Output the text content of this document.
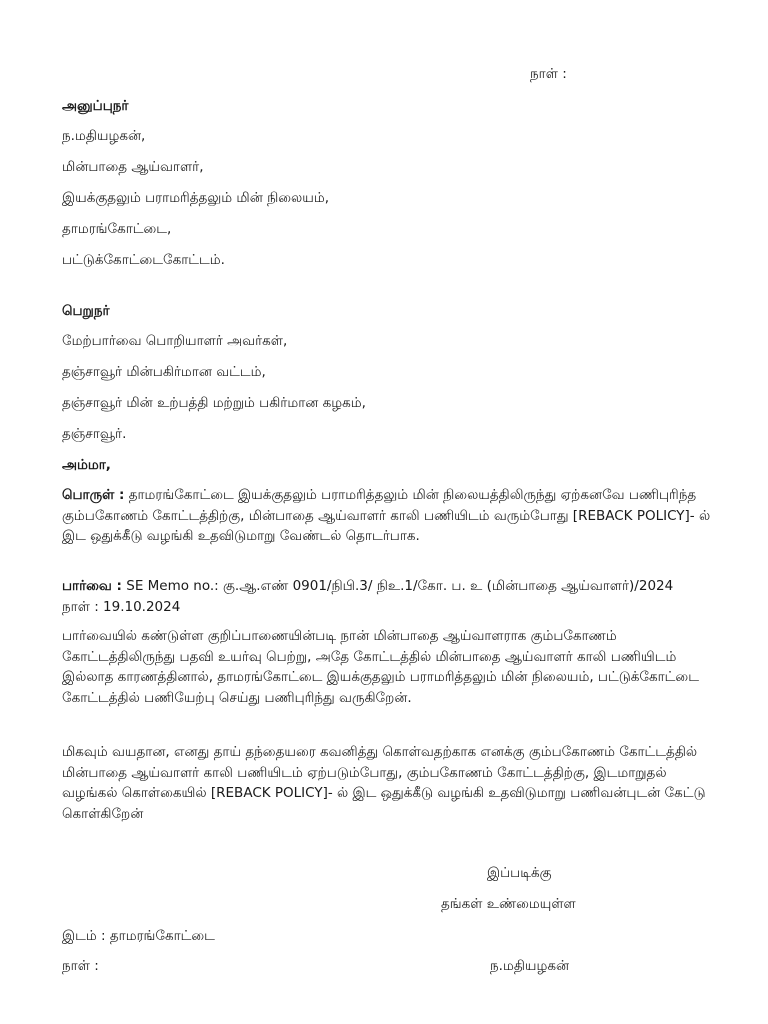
நாள் :
அனுப்புநர்
ந.மதியழகன்,
மின்பாதை ஆய்வாளர்,
இயக்குதலும் பராமரித்தலும் மின் நிலையம்,
தாமரங்கோட்டை,
பட்டுக்கோட்டைகோட்டம்.
பெறுநர்
மேற்பார்வை பொறியாளர் அவர்கள்,
தஞ்சாவூர் மின்பகிர்மான வட்டம்,
தஞ்சாவூர் மின் உற்பத்தி மற்றும் பகிர்மான கழகம்,
தஞ்சாவூர்.
அம்மா,
பொருள் : தாமரங்கோட்டை இயக்குதலும் பராமரித்தலும் மின் நிலையத்திலிருந்து ஏற்கனவே பணிபுரிந்த கும்பகோணம் கோட்டத்திற்கு, மின்பாதை ஆய்வாளர் காலி பணியிடம் வரும்போது [REBACK POLICY]- ல் இட ஒதுக்கீடு வழங்கி உதவிடுமாறு வேண்டல் தொடர்பாக.
பார்வை : SE Memo no.: கு.ஆ.எண் 0901/நிபி.3/ நிஉ.1/கோ. ப. உ (மின்பாதை ஆய்வாளர்)/2024
நாள் : 19.10.2024
பார்வையில் கண்டுள்ள குறிப்பாணையின்படி நான் மின்பாதை ஆய்வாளராக கும்பகோணம் கோட்டத்திலிருந்து பதவி உயர்வு பெற்று, அதே கோட்டத்தில் மின்பாதை ஆய்வாளர் காலி பணியிடம் இல்லாத காரணத்தினால், தாமரங்கோட்டை இயக்குதலும் பராமரித்தலும் மின் நிலையம், பட்டுக்கோட்டை கோட்டத்தில் பணியேற்பு செய்து பணிபுரிந்து வருகிறேன்.
மிகவும் வயதான, எனது தாய் தந்தையரை கவனித்து கொள்வதற்காக எனக்கு கும்பகோணம் கோட்டத்தில் மின்பாதை ஆய்வாளர் காலி பணியிடம் ஏற்படும்போது, கும்பகோணம் கோட்டத்திற்கு, இடமாறுதல் வழங்கல் கொள்கையில் [REBACK POLICY]- ல் இட ஒதுக்கீடு வழங்கி உதவிடுமாறு பணிவன்புடன் கேட்டு கொள்கிறேன்
இப்படிக்கு
தங்கள் உண்மையுள்ள
இடம் : தாமரங்கோட்டை
நாள் :	ந.மதியழகன்
